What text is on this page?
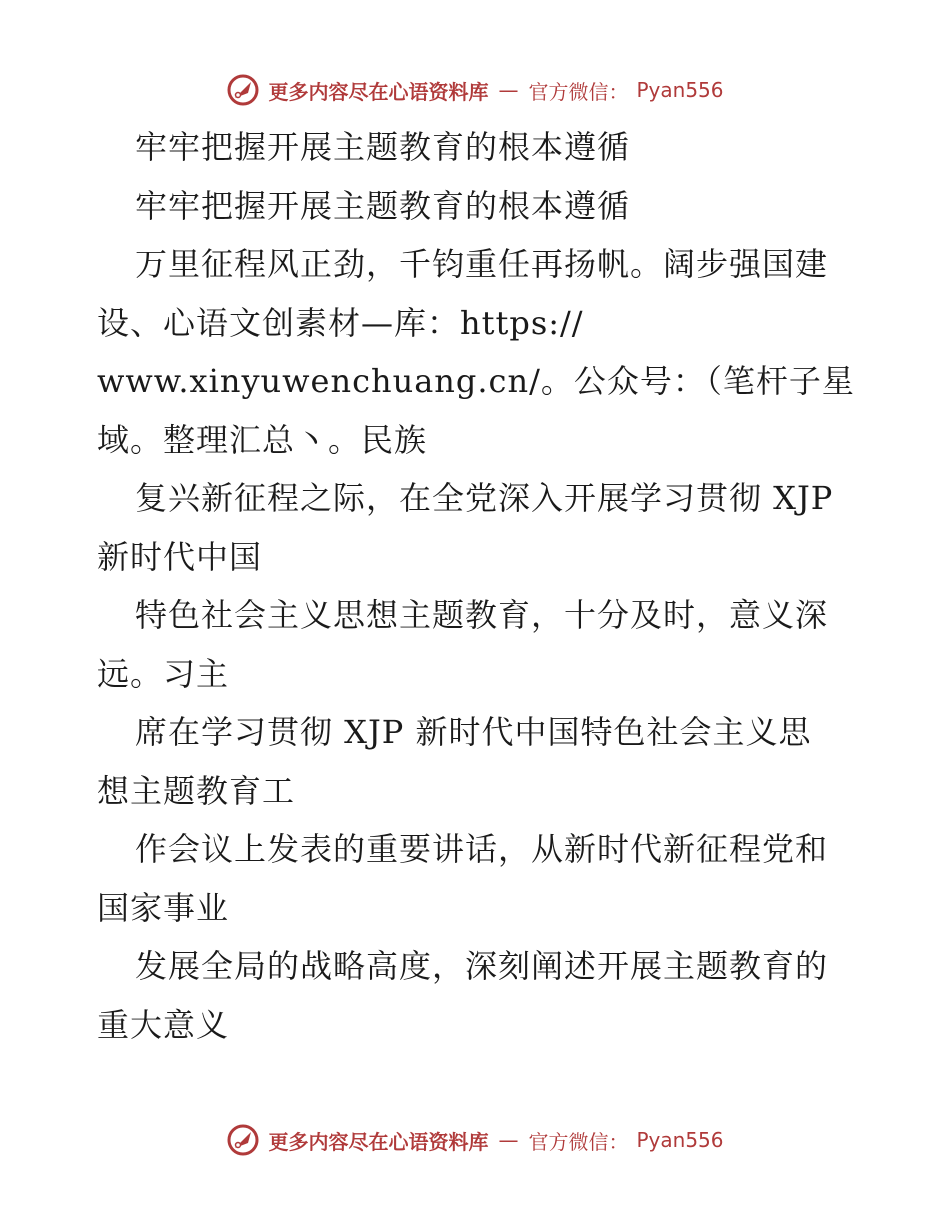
更多内容尽在心语资料库 — 官方微信： Pyan556
牢牢把握开展主题教育的根本遵循
牢牢把握开展主题教育的根本遵循
万里征程风正劲，千钧重任再扬帆。阔步强国建
设、心语文创素材—库：https://
www.xinyuwenchuang.cn/。公众号：（笔杆子星
域。整理汇总丶。民族
复兴新征程之际，在全党深入开展学习贯彻 XJP
新时代中国
特色社会主义思想主题教育，十分及时，意义深
远。习主
席在学习贯彻 XJP 新时代中国特色社会主义思
想主题教育工
作会议上发表的重要讲话，从新时代新征程党和
国家事业
发展全局的战略高度，深刻阐述开展主题教育的
重大意义
更多内容尽在心语资料库 — 官方微信： Pyan556
